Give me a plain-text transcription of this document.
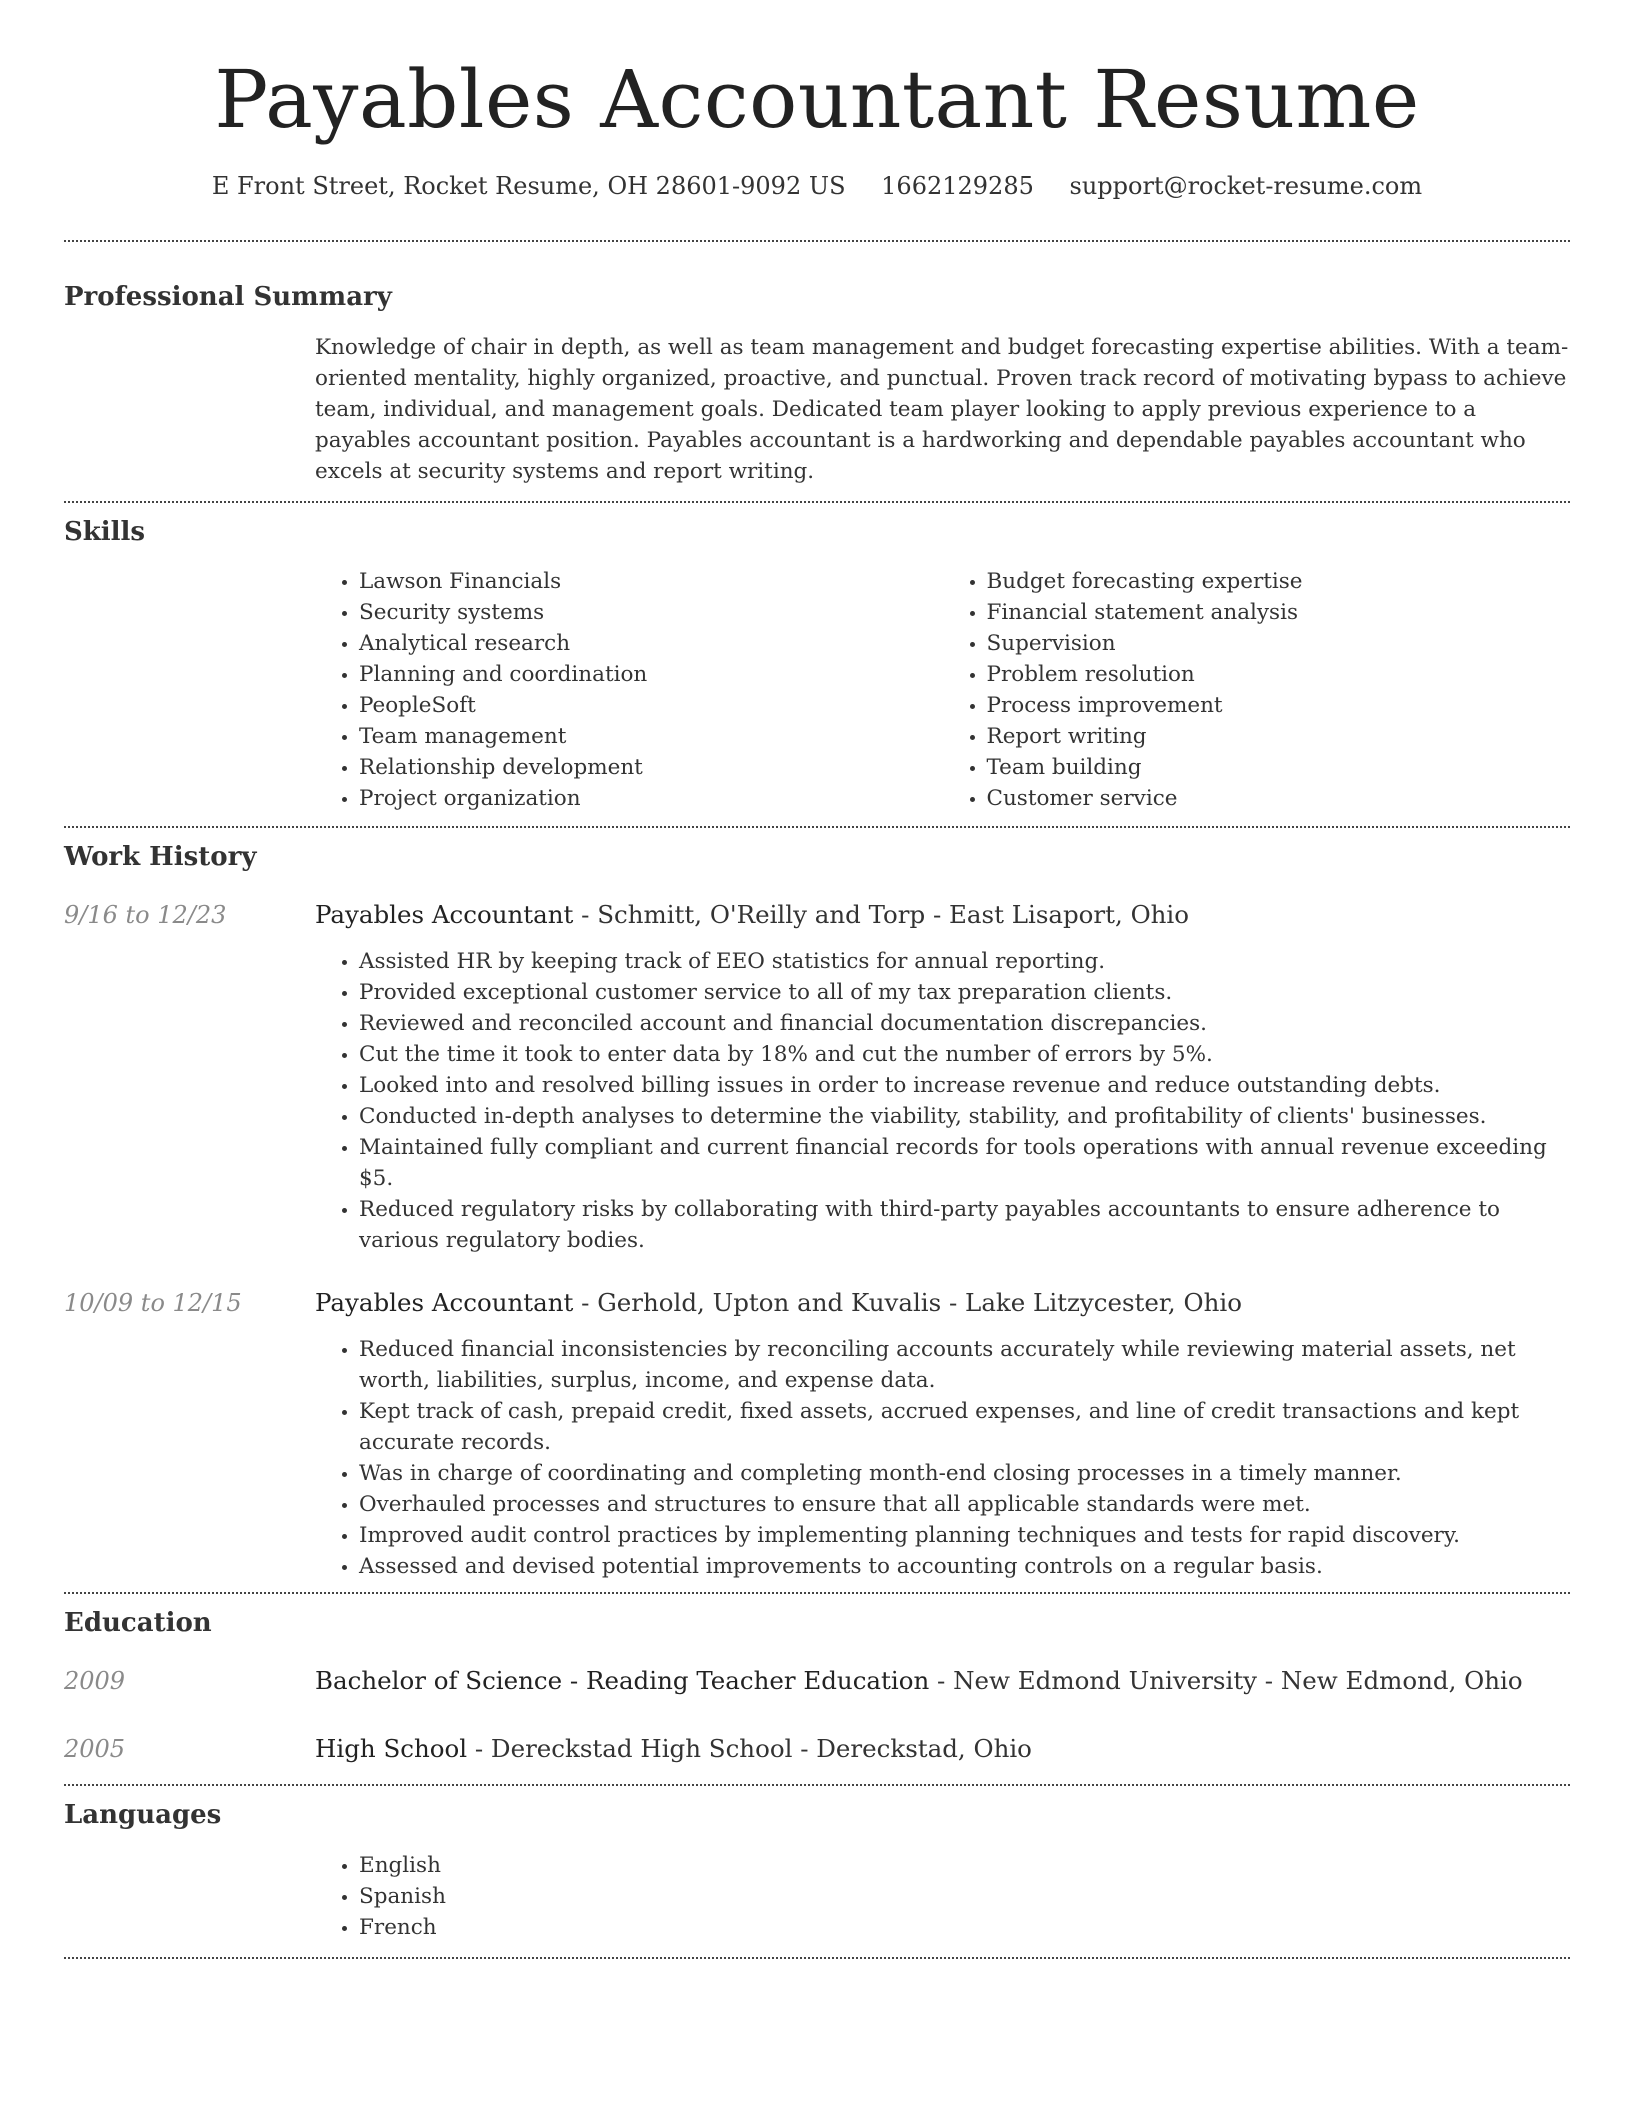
Payables Accountant Resume
E Front Street, Rocket Resume, OH 28601-9092 US 1662129285 support@rocket-resume.com
Professional Summary

Knowledge of chair in depth, as well as team management and budget forecasting expertise abilities. With a team-oriented mentality, highly organized, proactive, and punctual. Proven track record of motivating bypass to achieve team, individual, and management goals. Dedicated team player looking to apply previous experience to a payables accountant position. Payables accountant is a hardworking and dependable payables accountant who excels at security systems and report writing.

Skills
• Lawson Financials
• Security systems
• Analytical research
• Planning and coordination
• PeopleSoft
• Team management
• Relationship development
• Project organization
• Budget forecasting expertise
• Financial statement analysis
• Supervision
• Problem resolution
• Process improvement
• Report writing
• Team building
• Customer service
Work History
9/16 to 12/23	Payables Accountant - Schmitt, O'Reilly and Torp - East Lisaport, Ohio
• Assisted HR by keeping track of EEO statistics for annual reporting.
• Provided exceptional customer service to all of my tax preparation clients.
• Reviewed and reconciled account and financial documentation discrepancies.
• Cut the time it took to enter data by 18% and cut the number of errors by 5%.
• Looked into and resolved billing issues in order to increase revenue and reduce outstanding debts.
• Conducted in-depth analyses to determine the viability, stability, and profitability of clients' businesses.
• Maintained fully compliant and current financial records for tools operations with annual revenue exceeding $5.
• Reduced regulatory risks by collaborating with third-party payables accountants to ensure adherence to various regulatory bodies.
10/09 to 12/15	Payables Accountant - Gerhold, Upton and Kuvalis - Lake Litzycester, Ohio
• Reduced financial inconsistencies by reconciling accounts accurately while reviewing material assets, net worth, liabilities, surplus, income, and expense data.
• Kept track of cash, prepaid credit, fixed assets, accrued expenses, and line of credit transactions and kept accurate records.
• Was in charge of coordinating and completing month-end closing processes in a timely manner.
• Overhauled processes and structures to ensure that all applicable standards were met.
• Improved audit control practices by implementing planning techniques and tests for rapid discovery.
• Assessed and devised potential improvements to accounting controls on a regular basis.
Education
2009	Bachelor of Science - Reading Teacher Education - New Edmond University - New Edmond, Ohio
2005	High School - Dereckstad High School - Dereckstad, Ohio
Languages
• English
• Spanish
• French
